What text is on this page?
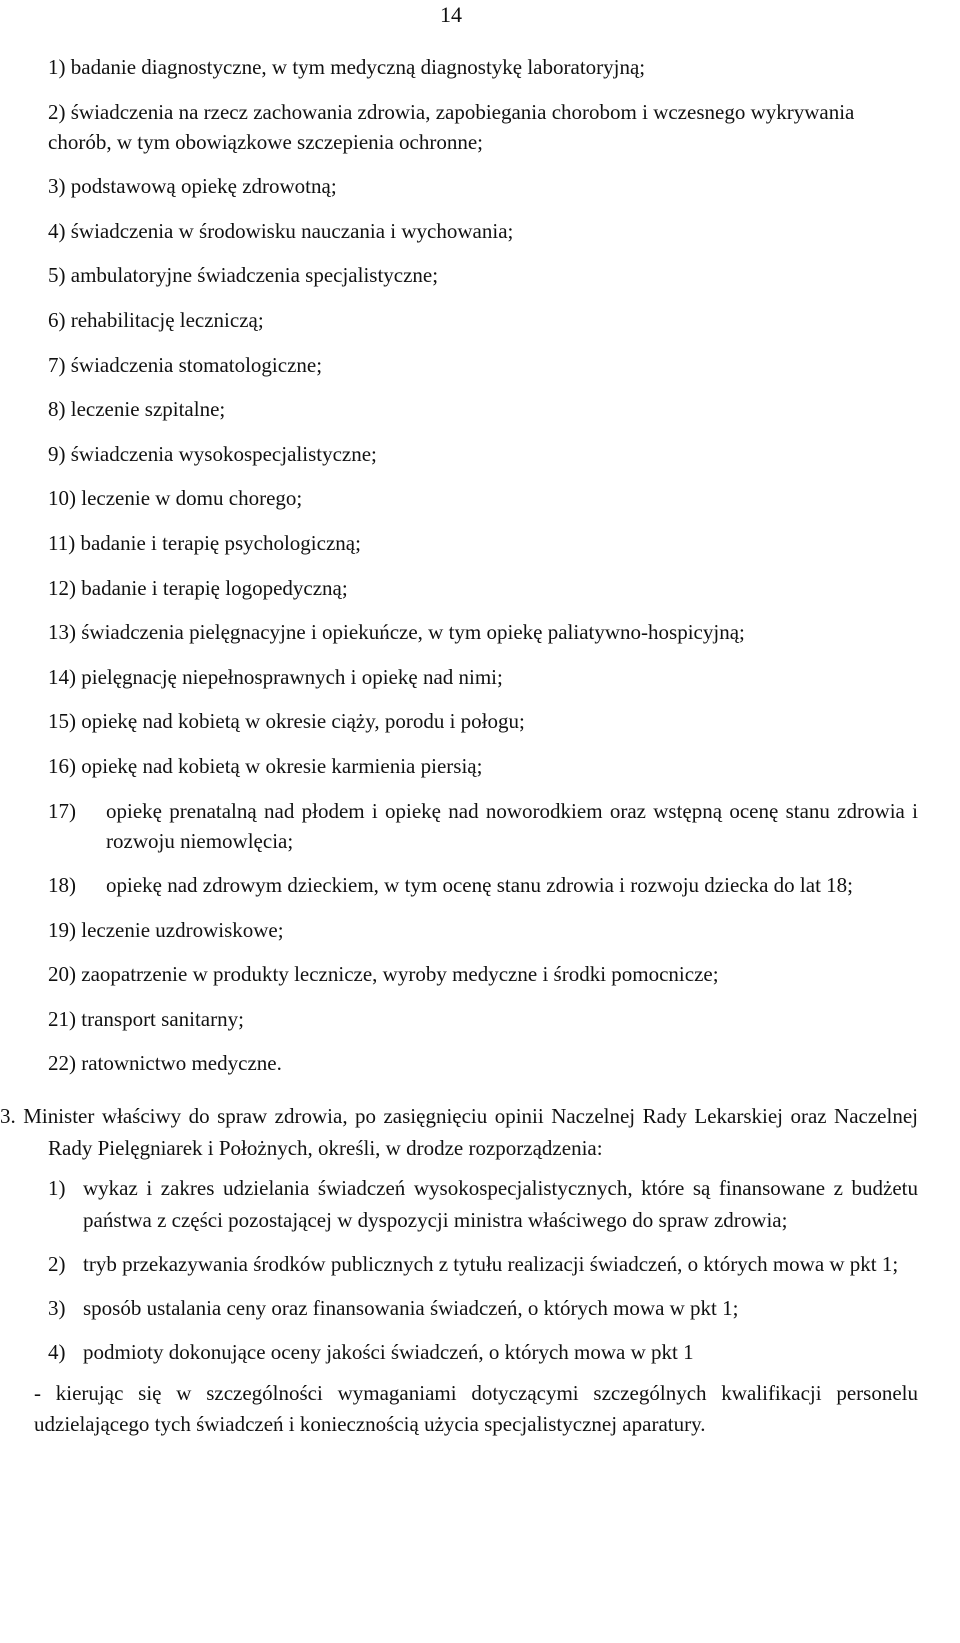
14
1) badanie diagnostyczne, w tym medyczną diagnostykę laboratoryjną;
2) świadczenia na rzecz zachowania zdrowia, zapobiegania chorobom i wczesnego wykrywania chorób, w tym obowiązkowe szczepienia ochronne;
3) podstawową opiekę zdrowotną;
4) świadczenia w środowisku nauczania i wychowania;
5) ambulatoryjne świadczenia specjalistyczne;
6) rehabilitację leczniczą;
7) świadczenia stomatologiczne;
8) leczenie szpitalne;
9) świadczenia wysokospecjalistyczne;
10) leczenie w domu chorego;
11) badanie i terapię psychologiczną;
12) badanie i terapię logopedyczną;
13) świadczenia pielęgnacyjne i opiekuńcze, w tym opiekę paliatywno-hospicyjną;
14) pielęgnację niepełnosprawnych i opiekę nad nimi;
15) opiekę nad kobietą w okresie ciąży, porodu i połogu;
16) opiekę nad kobietą w okresie karmienia piersią;
17) opiekę prenatalną nad płodem i opiekę nad noworodkiem oraz wstępną ocenę stanu zdrowia i rozwoju niemowlęcia;
18) opiekę nad zdrowym dzieckiem, w tym ocenę stanu zdrowia i rozwoju dziecka do lat 18;
19) leczenie uzdrowiskowe;
20) zaopatrzenie w produkty lecznicze, wyroby medyczne i środki pomocnicze;
21) transport sanitarny;
22) ratownictwo medyczne.
3. Minister właściwy do spraw zdrowia, po zasięgnięciu opinii Naczelnej Rady Lekarskiej oraz Naczelnej Rady Pielęgniarek i Położnych, określi, w drodze rozporządzenia:
1) wykaz i zakres udzielania świadczeń wysokospecjalistycznych, które są finansowane z budżetu państwa z części pozostającej w dyspozycji ministra właściwego do spraw zdrowia;
2) tryb przekazywania środków publicznych z tytułu realizacji świadczeń, o których mowa w pkt 1;
3) sposób ustalania ceny oraz finansowania świadczeń, o których mowa w pkt 1;
4) podmioty dokonujące oceny jakości świadczeń, o których mowa w pkt 1
- kierując się w szczególności wymaganiami dotyczącymi szczególnych kwalifikacji personelu udzielającego tych świadczeń i koniecznością użycia specjalistycznej aparatury.
